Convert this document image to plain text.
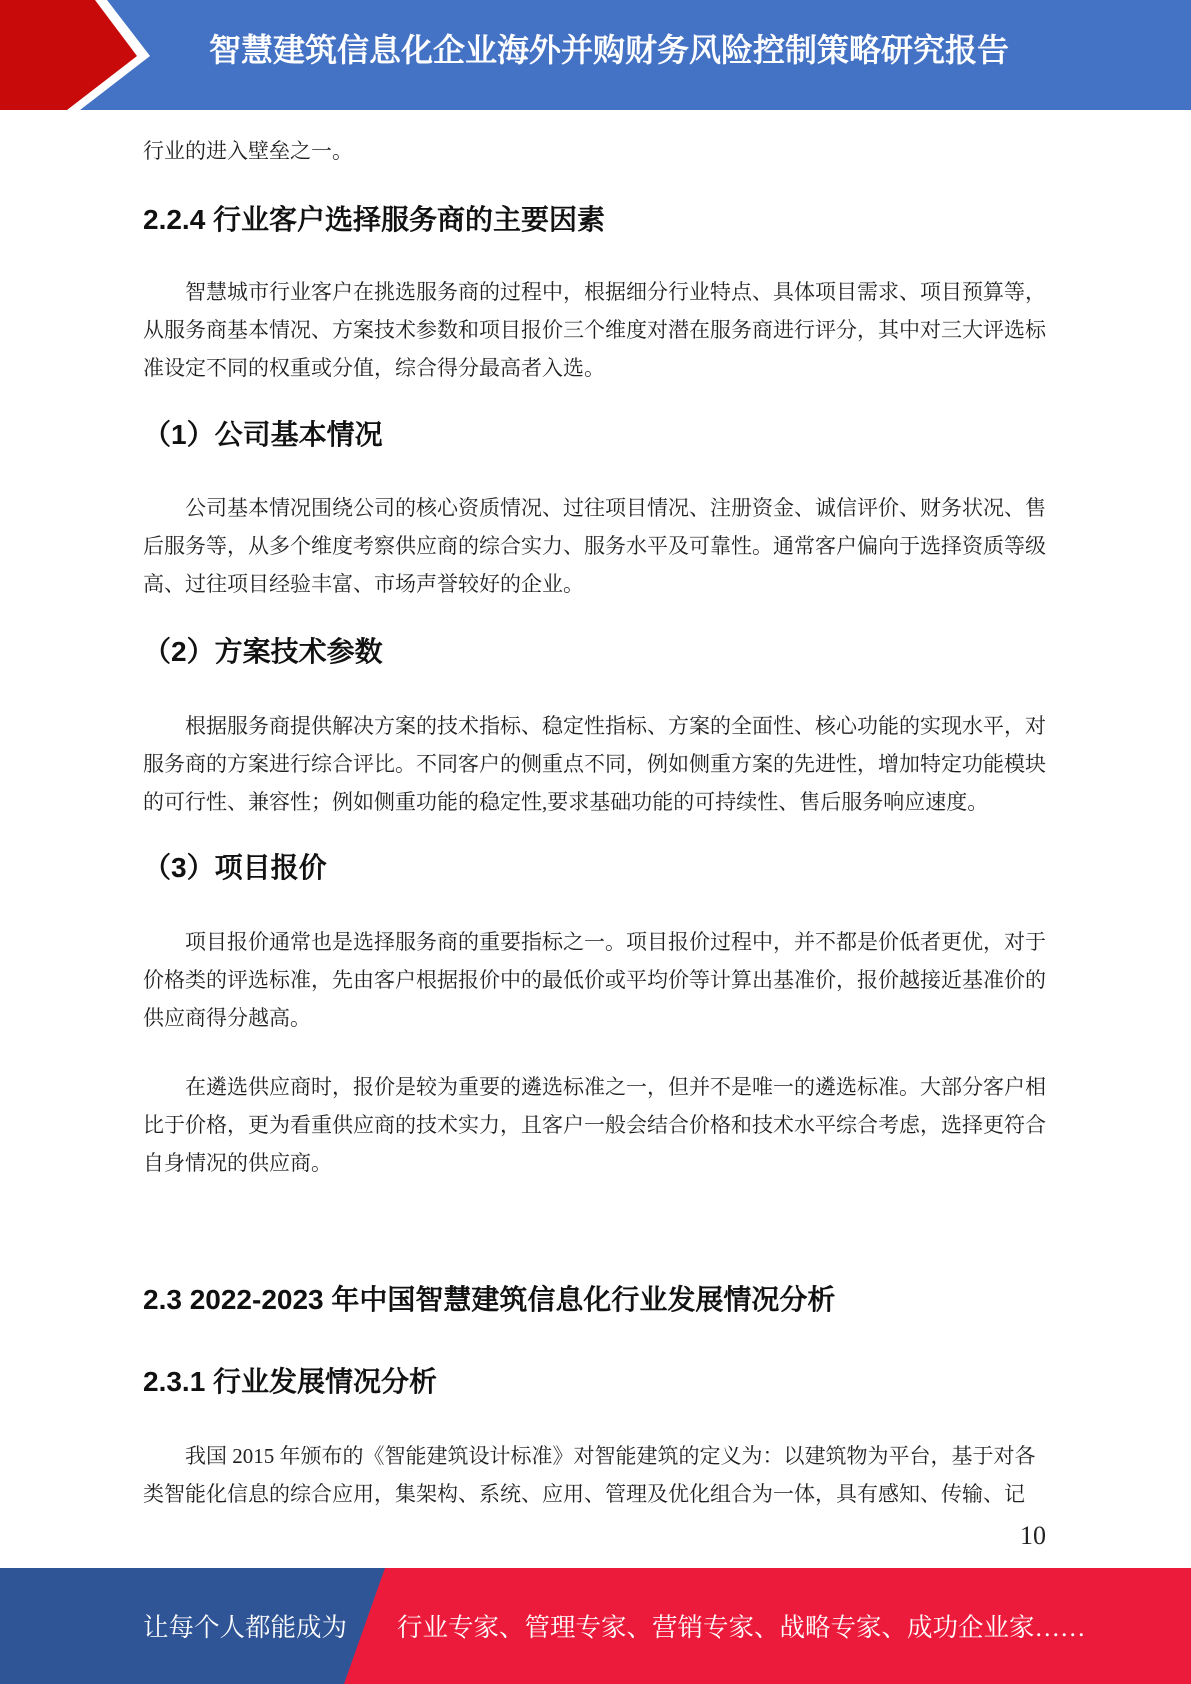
智慧建筑信息化企业海外并购财务风险控制策略研究报告
行业的进入壁垒之一。
2.2.4 行业客户选择服务商的主要因素
智慧城市行业客户在挑选服务商的过程中，根据细分行业特点、具体项目需求、项目预算等，
从服务商基本情况、方案技术参数和项目报价三个维度对潜在服务商进行评分，其中对三大评选标
准设定不同的权重或分值，综合得分最高者入选。
（1）公司基本情况
公司基本情况围绕公司的核心资质情况、过往项目情况、注册资金、诚信评价、财务状况、售
后服务等，从多个维度考察供应商的综合实力、服务水平及可靠性。通常客户偏向于选择资质等级
高、过往项目经验丰富、市场声誉较好的企业。
（2）方案技术参数
根据服务商提供解决方案的技术指标、稳定性指标、方案的全面性、核心功能的实现水平，对
服务商的方案进行综合评比。不同客户的侧重点不同，例如侧重方案的先进性，增加特定功能模块
的可行性、兼容性；例如侧重功能的稳定性,要求基础功能的可持续性、售后服务响应速度。
（3）项目报价
项目报价通常也是选择服务商的重要指标之一。项目报价过程中，并不都是价低者更优，对于
价格类的评选标准，先由客户根据报价中的最低价或平均价等计算出基准价，报价越接近基准价的
供应商得分越高。
在遴选供应商时，报价是较为重要的遴选标准之一，但并不是唯一的遴选标准。大部分客户相
比于价格，更为看重供应商的技术实力，且客户一般会结合价格和技术水平综合考虑，选择更符合
自身情况的供应商。
2.3 2022-2023 年中国智慧建筑信息化行业发展情况分析
2.3.1 行业发展情况分析
我国 2015 年颁布的《智能建筑设计标准》对智能建筑的定义为：以建筑物为平台，基于对各
类智能化信息的综合应用，集架构、系统、应用、管理及优化组合为一体，具有感知、传输、记
10
让每个人都能成为 行业专家、管理专家、营销专家、战略专家、成功企业家……
